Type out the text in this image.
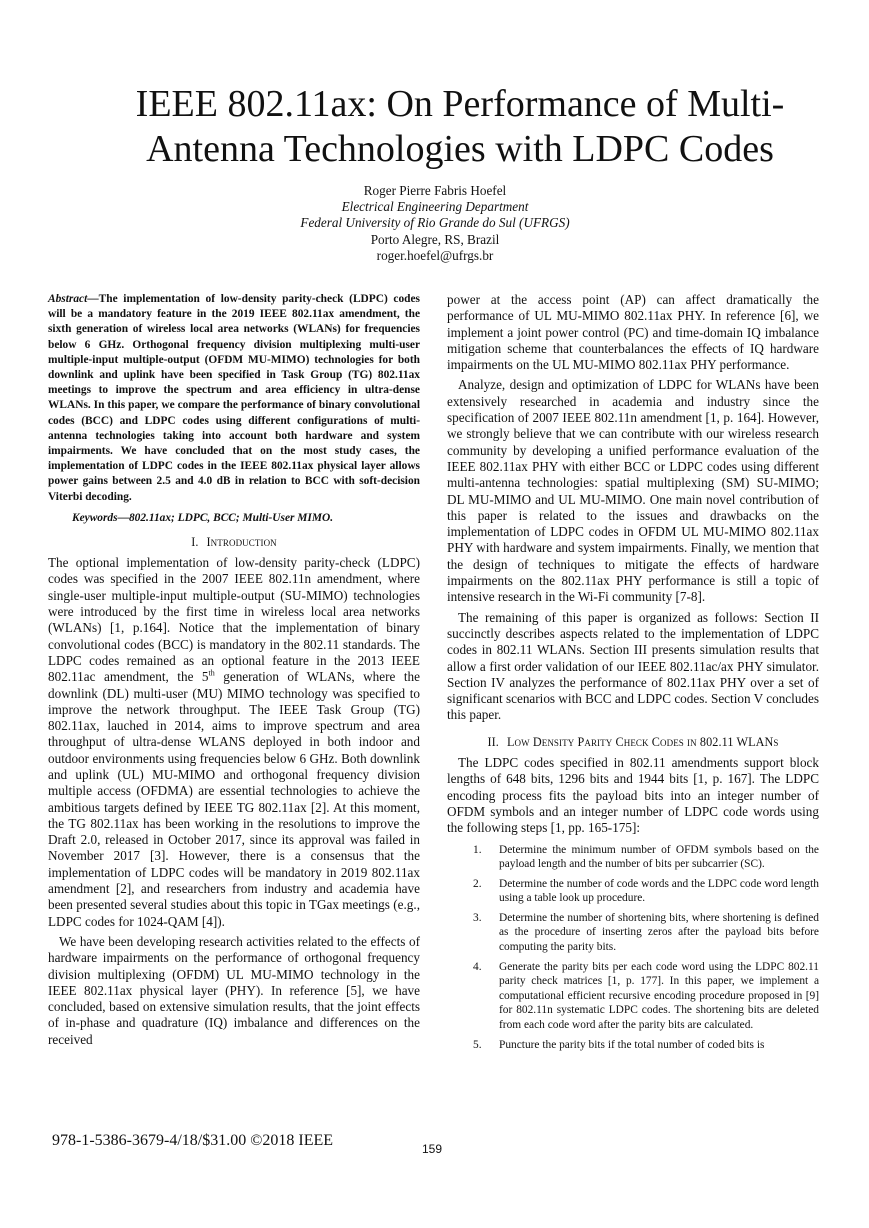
IEEE 802.11ax: On Performance of Multi-Antenna Technologies with LDPC Codes
Roger Pierre Fabris Hoefel
Electrical Engineering Department
Federal University of Rio Grande do Sul (UFRGS)
Porto Alegre, RS, Brazil
roger.hoefel@ufrgs.br

Abstract—The implementation of low-density parity-check (LDPC) codes will be a mandatory feature in the 2019 IEEE 802.11ax amendment, the sixth generation of wireless local area networks (WLANs) for frequencies below 6 GHz. Orthogonal frequency division multiplexing multi-user multiple-input multiple-output (OFDM MU-MIMO) technologies for both downlink and uplink have been specified in Task Group (TG) 802.11ax meetings to improve the spectrum and area efficiency in ultra-dense WLANs. In this paper, we compare the performance of binary convolutional codes (BCC) and LDPC codes using different configurations of multi-antenna technologies taking into account both hardware and system impairments. We have concluded that on the most study cases, the implementation of LDPC codes in the IEEE 802.11ax physical layer allows power gains between 2.5 and 4.0 dB in relation to BCC with soft-decision Viterbi decoding.

Keywords—802.11ax; LDPC, BCC; Multi-User MIMO.

I. Introduction

The optional implementation of low-density parity-check (LDPC) codes was specified in the 2007 IEEE 802.11n amendment, where single-user multiple-input multiple-output (SU-MIMO) technologies were introduced by the first time in wireless local area networks (WLANs) [1, p.164]. Notice that the implementation of binary convolutional codes (BCC) is mandatory in the 802.11 standards. The LDPC codes remained as an optional feature in the 2013 IEEE 802.11ac amendment, the 5th generation of WLANs, where the downlink (DL) multi-user (MU) MIMO technology was specified to improve the network throughput. The IEEE Task Group (TG) 802.11ax, lauched in 2014, aims to improve spectrum and area throughput of ultra-dense WLANS deployed in both indoor and outdoor environments using frequencies below 6 GHz. Both downlink and uplink (UL) MU-MIMO and orthogonal frequency division multiple access (OFDMA) are essential technologies to achieve the ambitious targets defined by IEEE TG 802.11ax [2]. At this moment, the TG 802.11ax has been working in the resolutions to improve the Draft 2.0, released in October 2017, since its approval was failed in November 2017 [3]. However, there is a consensus that the implementation of LDPC codes will be mandatory in 2019 802.11ax amendment [2], and researchers from industry and academia have been presented several studies about this topic in TGax meetings (e.g., LDPC codes for 1024-QAM [4]).

We have been developing research activities related to the effects of hardware impairments on the performance of orthogonal frequency division multiplexing (OFDM) UL MU-MIMO technology in the IEEE 802.11ax physical layer (PHY). In reference [5], we have concluded, based on extensive simulation results, that the joint effects of in-phase and quadrature (IQ) imbalance and differences on the received

power at the access point (AP) can affect dramatically the performance of UL MU-MIMO 802.11ax PHY. In reference [6], we implement a joint power control (PC) and time-domain IQ imbalance mitigation scheme that counterbalances the effects of IQ hardware impairments on the UL MU-MIMO 802.11ax PHY performance.

Analyze, design and optimization of LDPC for WLANs have been extensively researched in academia and industry since the specification of 2007 IEEE 802.11n amendment [1, p. 164]. However, we strongly believe that we can contribute with our wireless research community by developing a unified performance evaluation of the IEEE 802.11ax PHY with either BCC or LDPC codes using different multi-antenna technologies: spatial multiplexing (SM) SU-MIMO; DL MU-MIMO and UL MU-MIMO. One main novel contribution of this paper is related to the issues and drawbacks on the implementation of LDPC codes in OFDM UL MU-MIMO 802.11ax PHY with hardware and system impairments. Finally, we mention that the design of techniques to mitigate the effects of hardware impairments on the 802.11ax PHY performance is still a topic of intensive research in the Wi-Fi community [7-8].

The remaining of this paper is organized as follows: Section II succinctly describes aspects related to the implementation of LDPC codes in 802.11 WLANs. Section III presents simulation results that allow a first order validation of our IEEE 802.11ac/ax PHY simulator. Section IV analyzes the performance of 802.11ax PHY over a set of significant scenarios with BCC and LDPC codes. Section V concludes this paper.

II. Low Density Parity Check Codes in 802.11 WLANs

The LDPC codes specified in 802.11 amendments support block lengths of 648 bits, 1296 bits and 1944 bits [1, p. 167]. The LDPC encoding process fits the payload bits into an integer number of OFDM symbols and an integer number of LDPC code words using the following steps [1, pp. 165-175]:

1. Determine the minimum number of OFDM symbols based on the payload length and the number of bits per subcarrier (SC).
2. Determine the number of code words and the LDPC code word length using a table look up procedure.
3. Determine the number of shortening bits, where shortening is defined as the procedure of inserting zeros after the payload bits before computing the parity bits.
4. Generate the parity bits per each code word using the LDPC 802.11 parity check matrices [1, p. 177]. In this paper, we implement a computational efficient recursive encoding procedure proposed in [9] for 802.11n systematic LDPC codes. The shortening bits are deleted from each code word after the parity bits are calculated.
5. Puncture the parity bits if the total number of coded bits is
978-1-5386-3679-4/18/$31.00 ©2018 IEEE	159
